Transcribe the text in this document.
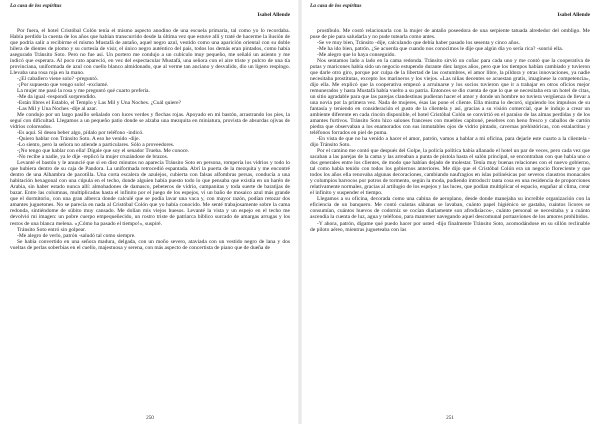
La casa de los espíritus
Isabel Allende

Por fuera, el hotel Cristóbal Colón tenía el mismo aspecto anodino de una escuela primaria, tal como yo lo recordaba. Había perdido la cuenta de los años que habían transcurrido desde la última vez que estuve allí y traté de hacerme la ilusión de que podría salir a recibirme el mismo Mustafá de antaño, aquel negro azul, vestido como una aparición oriental con su doble hilera de dientes de plomo y su cortesía de visir, el único negro auténtico del país, todos los demás eran pintados, como había asegurado Tránsito Soto. Pero no fue así. Un portero me condujo a un cubículo muy pequeño, me señaló un asiento y me indicó que esperara. Al poco rato apareció, en vez del espectacular Mustafá, una señora con el aire triste y pulcro de una tía provinciana, uniformada de azul con cuello blanco almidonado, que al verme tan anciano y desvalido, dio un ligero respingo. Llevaba una rosa roja en la mano.

-¿El caballero viene solo? -preguntó.

-¡Por supuesto que vengo solo! -exclamé.

La mujer me pasó la rosa y me preguntó qué cuarto prefería.

-Me da igual -respondí sorprendido.

-Están libres el Establo, el Templo y Las Mil y Una Noches. ¿Cuál quiere?

-Las Mil y Una Noches -dije al azar.

Me condujo por un largo pasillo señalado con luces verdes y flechas rojas. Apoyado en mi bastón, arrastrando los pies, la seguí con dificultad. Llegamos a un pequeño patio donde se alzaba una mezquita en miniatura, provista de absurdas ojivas de vidrios coloreados.

-Es aquí. Si desea beber algo, pídalo por teléfono -indicó.

-Quiero hablar con Tránsito Soto. A eso he venido -dije.

-Lo siento, pero la señora no atiende a particulares. Sólo a proveedores.

-¡No tengo que hablar con ella! Dígale que soy el senador Trueba. Me conoce.

-No recibe a nadie, ya le dije -replicó la mujer cruzándose de brazos.

Levanté el bastón y le anuncié que si en diez minutos no aparecía Tránsito Soto en persona, rompería los vidrios y todo lo que hubiera dentro de su caja de Pandora. La uniformada retrocedió espantada. Abrí la puerta de la mezquita y me encontré dentro de una Alhambra de pacotilla. Una corta escalera de azulejos, cubierta con falsas alfombras persas, conducía a una habitación hexagonal con una cúpula en el techo, donde alguien había puesto todo lo que pensaba que existía en un harén de Arabia, sin haber estado nunca allí: almohadones de damasco, pebeteros de vidrio, campanitas y toda suerte de baratijas de bazar. Entre las columnas, multiplicadas hasta el infinito por el juego de los espejos, vi un baño de mosaico azul más grande que el dormitorio, con una gran alberca donde calculé que se podía lavar una vaca y, con mayor razón, podían retozar dos amantes juguetones. No se parecía en nada al Cristóbal Colón que yo había conocido. Me senté trabajosamente sobre la cama redonda, sintiéndome de súbito muy cansado. Me dolían mis viejos huesos. Levanté la vista y un espejo en el techo me devolvió mi imagen: un pobre cuerpo empequeñecido, un rostro triste de patriarca bíblico surcado de amargas arrugas y los restos de una blanca melena. «¡Cómo ha pasado el tiempo!», suspiré.

Tránsito Soto entró sin golpear.

-Me alegro de verlo, patrón -saludó tal como siempre.

Se había convertido en una señora madura, delgada, con un moño severo, ataviada con un vestido negro de lana y dos vueltas de perlas soberbias en el cuello, majestuosa y serena, con más aspecto de concertista de piano que de dueña de

250
La casa de los espíritus
Isabel Allende

prostíbulo. Me costó relacionarla con la mujer de antaño poseedora de una serpiente tatuada alrededor del ombligo. Me puse de pie para saludarla y no pude tutearla como antes.

-Se ve muy bien, Tránsito -dije, calculando que debía haber pasado los sesenta y cinco años.

-Me ha ido bien, patrón. ¿Se acuerda que cuando nos conocimos le dije que algún día yo sería rica? -sonrió ella.

-Me alegro que lo haya conseguido.

Nos sentamos lado a lado en la cama redonda. Tránsito sirvió un coñac para cada uno y me contó que la cooperativa de putas y maricones había sido un negocio estupendo durante diez largos años, pero que los tiempos habían cambiado y tuvieron que darle otro giro, porque por culpa de la libertad de las costumbres, el amor libre, la píldora y otras innovaciones, ya nadie necesitaba prostitutas, excepto los marineros y los viejos. «Las niñas decentes se acuestan gratis, imagínese la competencia», dijo ella. Me explicó que la cooperativa empezó a arruinarse y los socios tuvieron que ir a trabajar en otros oficios mejor remunerados y hasta Mustafá había vuelto a su patria. Entonces se dio cuenta de que lo que se necesitaba era un hotel de citas, un sitio agradable para que las parejas clandestinas pudieran hacer el amor y donde un hombre no tuviera vergüenza de llevar a una novia por la primera vez. Nada de mujeres, ésas las pone el cliente. Ella misma lo decoró, siguiendo los impulsos de su fantasía y teniendo en consideración el gusto de la clientela y así, gracias a su visión comercial, que le indujo a crear un ambiente diferente en cada rincón disponible, el hotel Cristóbal Colón se convirtió en el paraíso de las almas perdidas y de los amantes furtivos. Tránsito Soto hizo salones franceses con muebles capitoné, pesebres con heno fresco y caballos de cartón piedra que observaban a los enamorados con sus inmutables ojos de vidrio pintado, cavernas prehistóricas, con estalactitas y teléfonos forrados en piel de puma.

-En vista de que no ha venido a hacer el amor, patrón, vamos a hablar a mi oficina, para dejarle este cuarto a la clientela -dijo Tránsito Soto.

Por el camino me contó que después del Golpe, la policía política había allanado el hotel un par de veces, pero cada vez que sacaban a las parejas de la cama y las arreaban a punta de pistola hasta el salón principal, se encontraban con que había uno o dos generales entre los clientes, de modo que habían dejado de molestar. Tenía muy buenas relaciones con el nuevo gobierno, tal como había tenido con todos los gobiernos anteriores. Me dijo que el Cristóbal Colón era un negocio floreciente y que todos los años ella renovaba algunas decoraciones, cambiando naufragios en islas polinésicas por severos claustros monacales y columpios barrocos por potros de tormento, según la moda, pudiendo introducir tanta cosa en una residencia de proporciones relativamente normales, gracias al artilugio de los espejos y las luces, que podían multiplicar el espacio, engañar al clima, crear el infinito y suspender el tiempo.

Llegamos a su oficina, decorada como una cabina de aeroplano, desde donde manejaba su increíble organización con la eficiencia de un banquero. Me contó cuántas sábanas se lavaban, cuánto papel higiénico se gastaba, cuántos licores se consumían, cuántos huevos de codorniz se cocían diariamente son afrodisíacos-, cuánto personal se necesitaba y a cuánto ascendía la cuenta de luz, agua y teléfono, para mantener navegando aquel descomunal portaaviones de los amores prohibidos.

-Y ahora, patrón, dígame qué puedo hacer por usted -dijo finalmente Tránsito Soto, acomodándose en su sillón reclinable de piloto aéreo, mientras jugueteaba con las

251
